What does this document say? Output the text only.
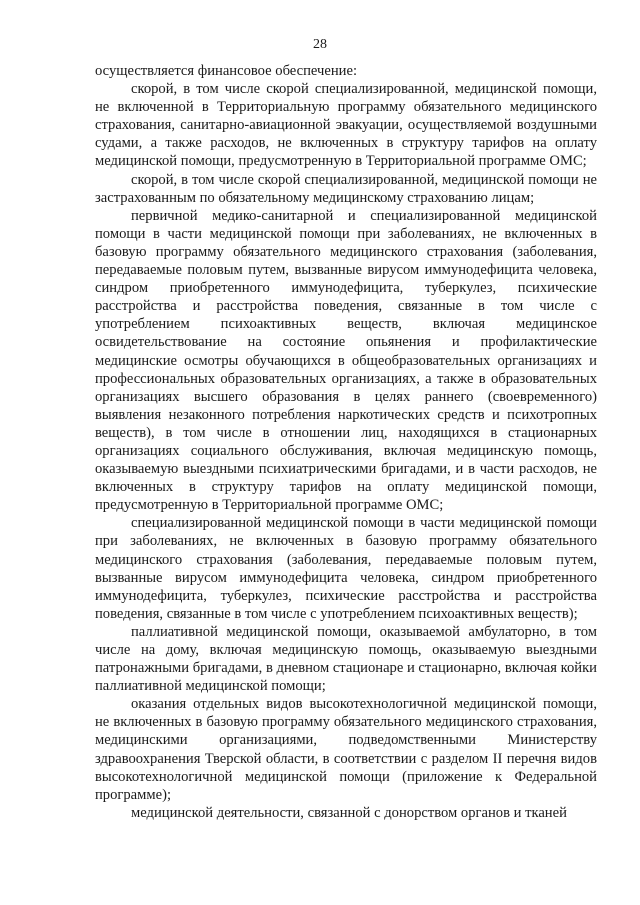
28

осуществляется финансовое обеспечение:

скорой, в том числе скорой специализированной, медицинской помощи, не включенной в Территориальную программу обязательного медицинского страхования, санитарно-авиационной эвакуации, осуществляемой воздушными судами, а также расходов, не включенных в структуру тарифов на оплату медицинской помощи, предусмотренную в Территориальной программе ОМС;

скорой, в том числе скорой специализированной, медицинской помощи не застрахованным по обязательному медицинскому страхованию лицам;

первичной медико-санитарной и специализированной медицинской помощи в части медицинской помощи при заболеваниях, не включенных в базовую программу обязательного медицинского страхования (заболевания, передаваемые половым путем, вызванные вирусом иммунодефицита человека, синдром приобретенного иммунодефицита, туберкулез, психические расстройства и расстройства поведения, связанные в том числе с употреблением психоактивных веществ, включая медицинское освидетельствование на состояние опьянения и профилактические медицинские осмотры обучающихся в общеобразовательных организациях и профессиональных образовательных организациях, а также в образовательных организациях высшего образования в целях раннего (своевременного) выявления незаконного потребления наркотических средств и психотропных веществ), в том числе в отношении лиц, находящихся в стационарных организациях социального обслуживания, включая медицинскую помощь, оказываемую выездными психиатрическими бригадами, и в части расходов, не включенных в структуру тарифов на оплату медицинской помощи, предусмотренную в Территориальной программе ОМС;

специализированной медицинской помощи в части медицинской помощи при заболеваниях, не включенных в базовую программу обязательного медицинского страхования (заболевания, передаваемые половым путем, вызванные вирусом иммунодефицита человека, синдром приобретенного иммунодефицита, туберкулез, психические расстройства и расстройства поведения, связанные в том числе с употреблением психоактивных веществ);

паллиативной медицинской помощи, оказываемой амбулаторно, в том числе на дому, включая медицинскую помощь, оказываемую выездными патронажными бригадами, в дневном стационаре и стационарно, включая койки паллиативной медицинской помощи;

оказания отдельных видов высокотехнологичной медицинской помощи, не включенных в базовую программу обязательного медицинского страхования, медицинскими организациями, подведомственными Министерству здравоохранения Тверской области, в соответствии с разделом II перечня видов высокотехнологичной медицинской помощи (приложение к Федеральной программе);

медицинской деятельности, связанной с донорством органов и тканей
